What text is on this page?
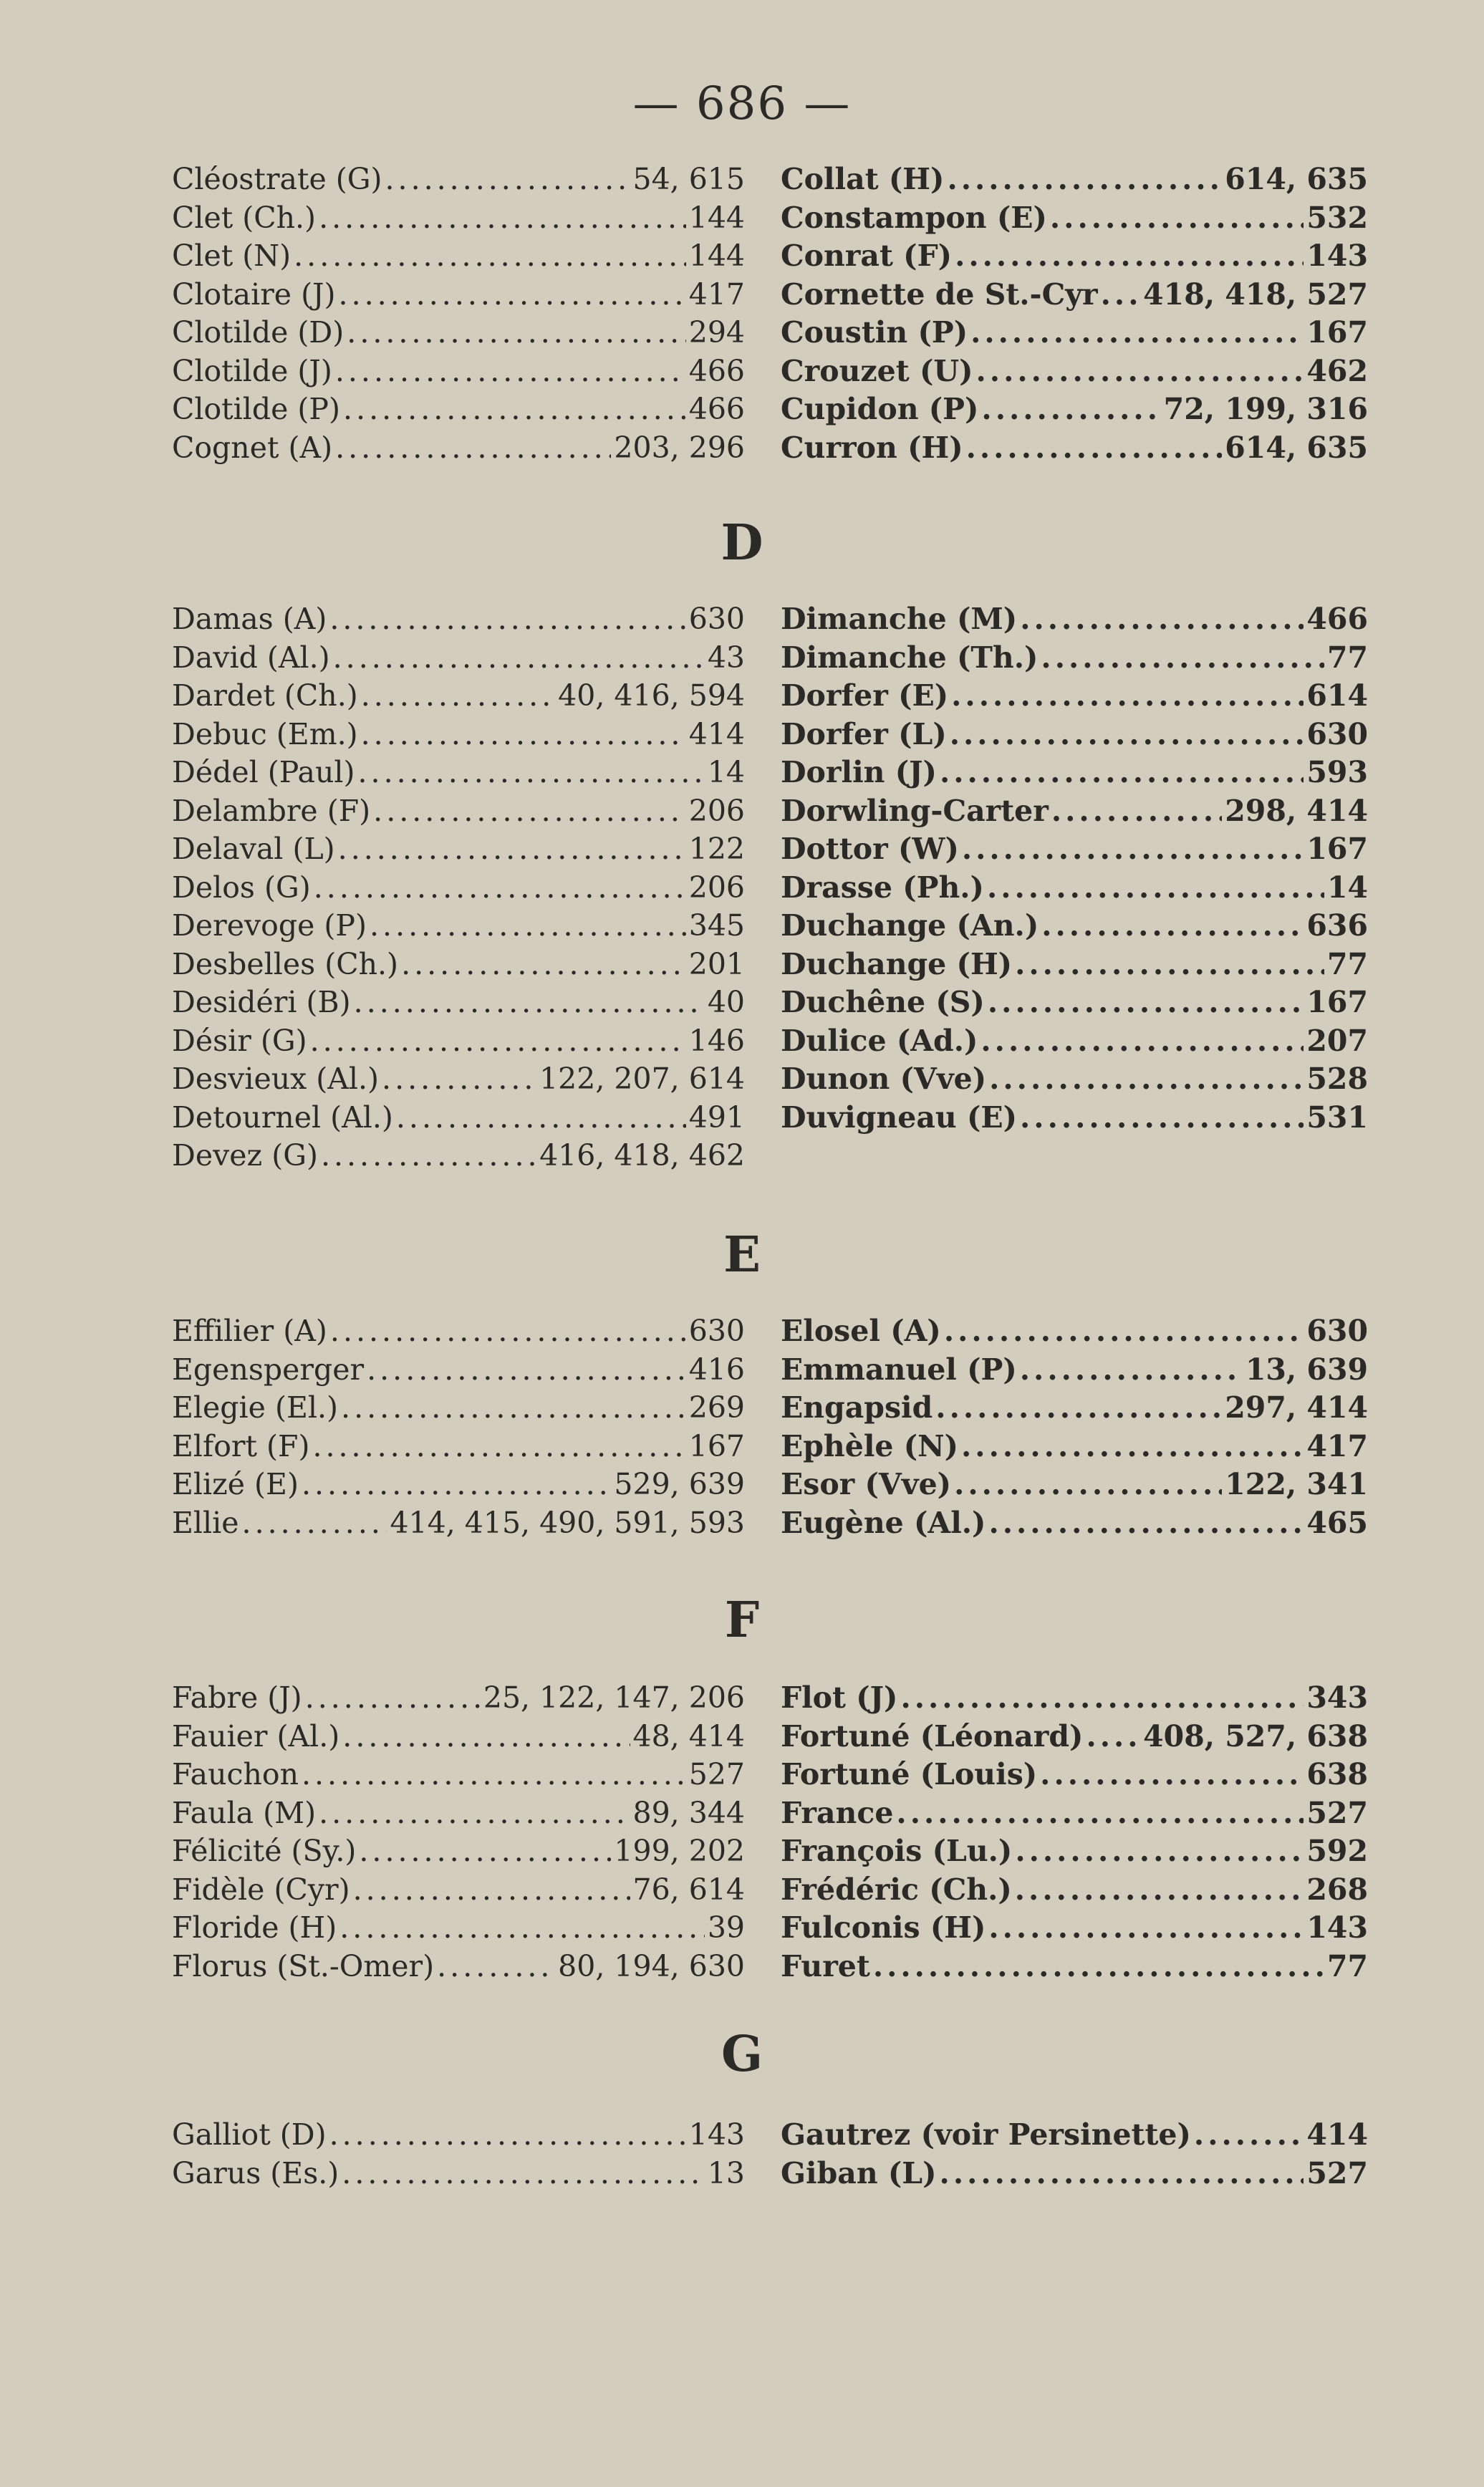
— 686 —
Cléostrate (G) .....	54, 615
Clet (Ch.) .....	144
Clet (N) .....	144
Clotaire (J) .....	417
Clotilde (D) .....	294
Clotilde (J) .....	466
Clotilde (P) .....	466
Cognet (A) .....	203, 296
Collat (H) .....	614, 635
Constampon (E) .....	532
Conrat (F) .....	143
Cornette de St.-Cyr ..... 418, 418, 527
Coustin (P) .....	167
Crouzet (U) .....	462
Cupidon (P) .....	72, 199, 316
Curron (H) .....	614, 635
D
Damas (A) .....	630
David (Al.) .....	43
Dardet (Ch.) .....	40, 416, 594
Debuc (Em.) .....	414
Dédel (Paul) .....	14
Delambre (F) .....	206
Delaval (L) .....	122
Delos (G) .....	206
Derevoge (P) .....	345
Desbelles (Ch.) .....	201
Desidéri (B) .....	40
Désir (G) .....	146
Desvieux (Al.) .....	122, 207, 614
Detournel (Al.) .....	491
Devez (G) .....	416, 418, 462
Dimanche (M) .....	466
Dimanche (Th.) .....	77
Dorfer (E) .....	614
Dorfer (L) .....	630
Dorlin (J) .....	593
Dorwling-Carter .....	298, 414
Dottor (W) .....	167
Drasse (Ph.) .....	14
Duchange (An.) .....	636
Duchange (H) .....	77
Duchêne (S) .....	167
Dulice (Ad.) .....	207
Dunon (Vve) .....	528
Duvigneau (E) .....	531
E
Effilier (A) .....	630
Egensperger .....	416
Elegie (El.) .....	269
Elfort (F) .....	167
Elizé (E) .....	529, 639
Ellie .....	414, 415, 490, 591, 593
Elosel (A) .....	630
Emmanuel (P) .....	13, 639
Engapsid .....	297, 414
Ephèle (N) .....	417
Esor (Vve) .....	122, 341
Eugène (Al.) .....	465
F
Fabre (J) .....	25, 122, 147, 206
Fauier (Al.) .....	48, 414
Fauchon .....	527
Faula (M) .....	89, 344
Félicité (Sy.) .....	199, 202
Fidèle (Cyr) .....	76, 614
Floride (H) .....	39
Florus (St.-Omer) .....	80, 194, 630
Flot (J) .....	343
Fortuné (Léonard) ..... 408, 527, 638
Fortuné (Louis) .....	638
France .....	527
François (Lu.) .....	592
Frédéric (Ch.) .....	268
Fulconis (H) .....	143
Furet .....	77
G
Galliot (D) .....	143
Garus (Es.) .....	13
Gautrez (voir Persinette) .....	414
Giban (L) .....	527
